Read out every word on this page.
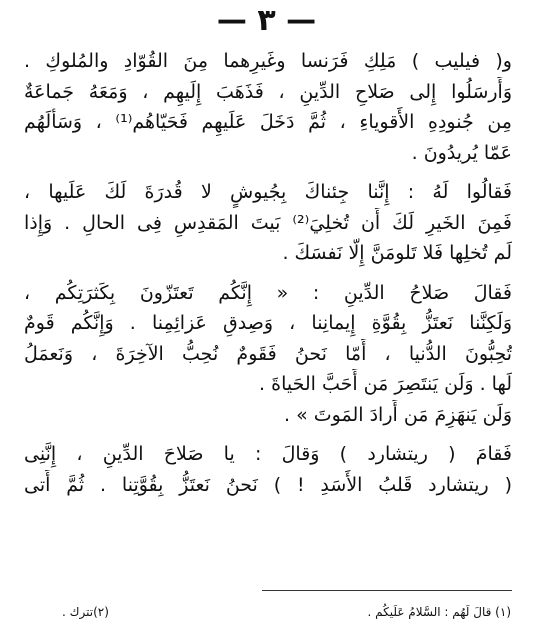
— ٣ —
و( فيليب ) مَلِكِ فَرَنسا وغَيرِهما مِنَ القُوّادِ والمُلوكِ .
وَأَرسَلُوا إِلى صَلاحِ الدِّينِ ، فَذَهَبَ إِلَيهِم ، وَمَعَهُ جَماعَةٌ
مِن جُنودِهِ الأَقوياءِ ، ثُمَّ دَخَلَ عَلَيهِم فَحَيّاهُم⁽¹⁾ ، وَسَأَلَهُم
عَمّا يُريدُونَ .
فَقالُوا لَهُ : إِنَّنا جِئناكَ بِجُيوشٍ لا قُدرَةَ لَكَ عَلَيها ،
فَمِنَ الخَيرِ لَكَ أَن تُخلِيَ⁽²⁾ بَيتَ المَقدِسِ فِى الحالِ . وَإِذا
لَم تُخلِها فَلا تَلومَنَّ إِلّا نَفسَكَ .
فَقالَ صَلاحُ الدِّينِ : « إِنَّكُم تَعتَزّونَ بِكَثرَتِكُم ،
وَلَكِنَّنا نَعتَزُّ بِقُوَّةِ إِيمانِنا ، وَصِدقِ عَزائِمِنا . وَإِنَّكُم قَومٌ
تُحِبُّونَ الدُّنيا ، أَمّا نَحنُ فَقَومٌ نُحِبُّ الآخِرَةَ ، وَنَعمَلُ
لَها . وَلَن يَنتَصِرَ مَن أَحَبَّ الحَياةَ .
وَلَن يَنهَزِمَ مَن أَرادَ المَوتَ » .
فَقامَ ( ريتشارد ) وَقالَ : يا صَلاحَ الدِّينِ ، إِنَّنِى
( ريتشارد قَلبُ الأَسَدِ ! ) نَحنُ نَعتَزُّ بِقُوَّتِنا . ثُمَّ أَتى
(١) قالَ لَهُم : السَّلامُ عَلَيكُم .
(٢)تترك .
